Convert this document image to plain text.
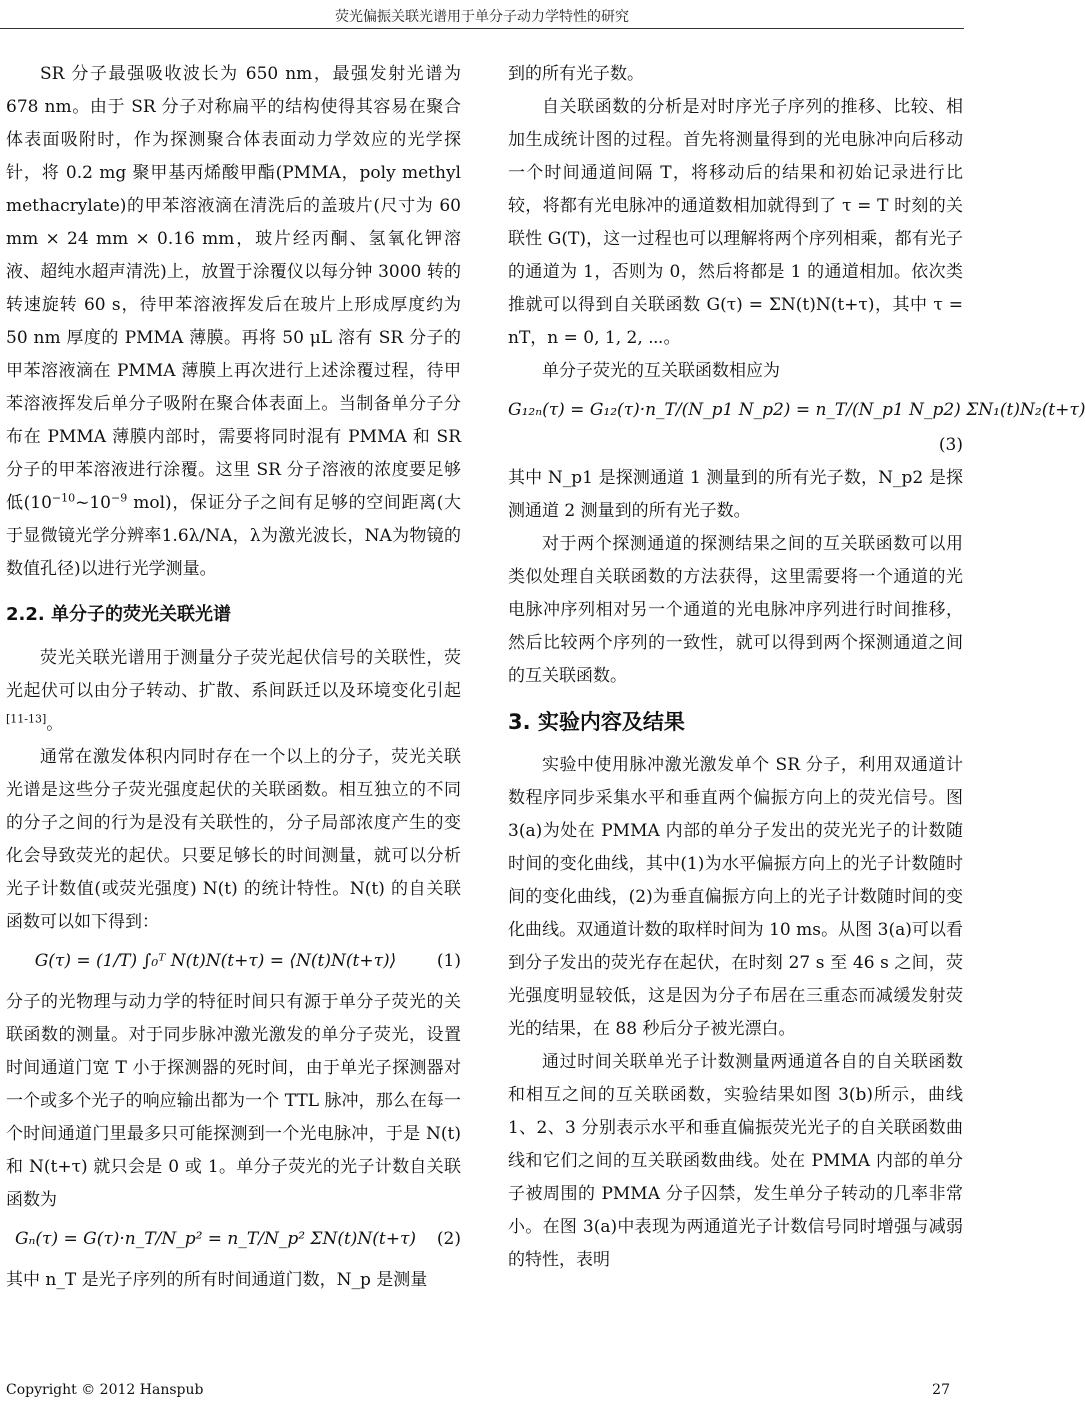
荧光偏振关联光谱用于单分子动力学特性的研究

SR 分子最强吸收波长为 650 nm，最强发射光谱为 678 nm。由于 SR 分子对称扁平的结构使得其容易在聚合体表面吸附时，作为探测聚合体表面动力学效应的光学探针，将 0.2 mg 聚甲基丙烯酸甲酯(PMMA，poly methyl methacrylate)的甲苯溶液滴在清洗后的盖玻片(尺寸为 60 mm × 24 mm × 0.16 mm，玻片经丙酮、氢氧化钾溶液、超纯水超声清洗)上，放置于涂覆仪以每分钟 3000 转的转速旋转 60 s，待甲苯溶液挥发后在玻片上形成厚度约为 50 nm 厚度的 PMMA 薄膜。再将 50 μL 溶有 SR 分子的甲苯溶液滴在 PMMA 薄膜上再次进行上述涂覆过程，待甲苯溶液挥发后单分子吸附在聚合体表面上。当制备单分子分布在 PMMA 薄膜内部时，需要将同时混有 PMMA 和 SR 分子的甲苯溶液进行涂覆。这里 SR 分子溶液的浓度要足够低($10^{-10}\sim 10^{-9}$ mol)，保证分子之间有足够的空间距离(大于显微镜光学分辨率1.6λ/NA，λ为激光波长，NA为物镜的数值孔径)以进行光学测量。

2.2. 单分子的荧光关联光谱

荧光关联光谱用于测量分子荧光起伏信号的关联性，荧光起伏可以由分子转动、扩散、系间跃迁以及环境变化引起[11-13]。

通常在激发体积内同时存在一个以上的分子，荧光关联光谱是这些分子荧光强度起伏的关联函数。相互独立的不同的分子之间的行为是没有关联性的，分子局部浓度产生的变化会导致荧光的起伏。只要足够长的时间测量，就可以分析光子计数值(或荧光强度) N(t) 的统计特性。N(t) 的自关联函数可以如下得到：

G(τ) = (1/T) ∫₀ᵀ N(t)N(t+τ) = ⟨N(t)N(t+τ)⟩	(1)

分子的光物理与动力学的特征时间只有源于单分子荧光的关联函数的测量。对于同步脉冲激光激发的单分子荧光，设置时间通道门宽 T 小于探测器的死时间，由于单光子探测器对一个或多个光子的响应输出都为一个 TTL 脉冲，那么在每一个时间通道门里最多只可能探测到一个光电脉冲，于是 N(t) 和 N(t+τ) 就只会是 0 或 1。单分子荧光的光子计数自关联函数为

Gₙ(τ) = G(τ)·n_T/N_p² = n_T/N_p² ΣN(t)N(t+τ)	(2)

其中 n_T 是光子序列的所有时间通道门数，N_p 是测量

到的所有光子数。

自关联函数的分析是对时序光子序列的推移、比较、相加生成统计图的过程。首先将测量得到的光电脉冲向后移动一个时间通道间隔 T，将移动后的结果和初始记录进行比较，将都有光电脉冲的通道数相加就得到了 τ = T 时刻的关联性 G(T)，这一过程也可以理解将两个序列相乘，都有光子的通道为 1，否则为 0，然后将都是 1 的通道相加。依次类推就可以得到自关联函数 G(τ) = ΣN(t)N(t+τ)，其中 τ = nT，n = 0, 1, 2, ⋯。

单分子荧光的互关联函数相应为

G₁₂ₙ(τ) = G₁₂(τ)·n_T/(N_p1 N_p2) = n_T/(N_p1 N_p2) ΣN₁(t)N₂(t+τ)
(3)

其中 N_p1 是探测通道 1 测量到的所有光子数，N_p2 是探测通道 2 测量到的所有光子数。

对于两个探测通道的探测结果之间的互关联函数可以用类似处理自关联函数的方法获得，这里需要将一个通道的光电脉冲序列相对另一个通道的光电脉冲序列进行时间推移，然后比较两个序列的一致性，就可以得到两个探测通道之间的互关联函数。

3. 实验内容及结果

实验中使用脉冲激光激发单个 SR 分子，利用双通道计数程序同步采集水平和垂直两个偏振方向上的荧光信号。图 3(a)为处在 PMMA 内部的单分子发出的荧光光子的计数随时间的变化曲线，其中(1)为水平偏振方向上的光子计数随时间的变化曲线，(2)为垂直偏振方向上的光子计数随时间的变化曲线。双通道计数的取样时间为 10 ms。从图 3(a)可以看到分子发出的荧光存在起伏，在时刻 27 s 至 46 s 之间，荧光强度明显较低，这是因为分子布居在三重态而减缓发射荧光的结果，在 88 秒后分子被光漂白。

通过时间关联单光子计数测量两通道各自的自关联函数和相互之间的互关联函数，实验结果如图 3(b)所示，曲线 1、2、3 分别表示水平和垂直偏振荧光光子的自关联函数曲线和它们之间的互关联函数曲线。处在 PMMA 内部的单分子被周围的 PMMA 分子囚禁，发生单分子转动的几率非常小。在图 3(a)中表现为两通道光子计数信号同时增强与减弱的特性，表明

Copyright © 2012 Hanspub	27
